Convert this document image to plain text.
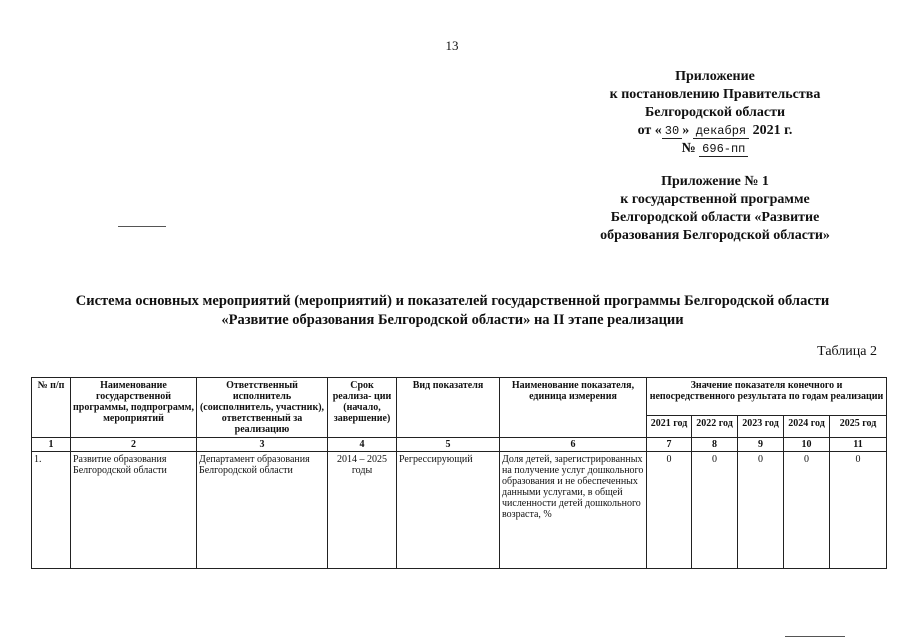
13
Приложение
к постановлению Правительства
Белгородской области
от « 30 » декабря 2021 г.
№ 696-пп
Приложение № 1
к государственной программе
Белгородской области «Развитие
образования Белгородской области»
Система основных мероприятий (мероприятий) и показателей государственной программы Белгородской области
«Развитие образования Белгородской области» на II этапе реализации
Таблица 2
№ п/п	Наименование государственной программы, подпрограмм, мероприятий	Ответственный исполнитель (соисполнитель, участник), ответственный за реализацию	Срок реализа- ции (начало, завершение)	Вид показателя	Наименование показателя, единица измерения	Значение показателя конечного и непосредственного результата по годам реализации				
						2021 год	2022 год	2023 год	2024 год	2025 год
1	2	3	4	5	6	7	8	9	10	11
1.	Развитие образования Белгородской области	Департамент образования Белгородской области	2014 – 2025 годы	Регрессирующий	Доля детей, зарегистрированных на получение услуг дошкольного образования и не обеспеченных данными услугами, в общей численности детей дошкольного возраста, %	0	0	0	0	0
